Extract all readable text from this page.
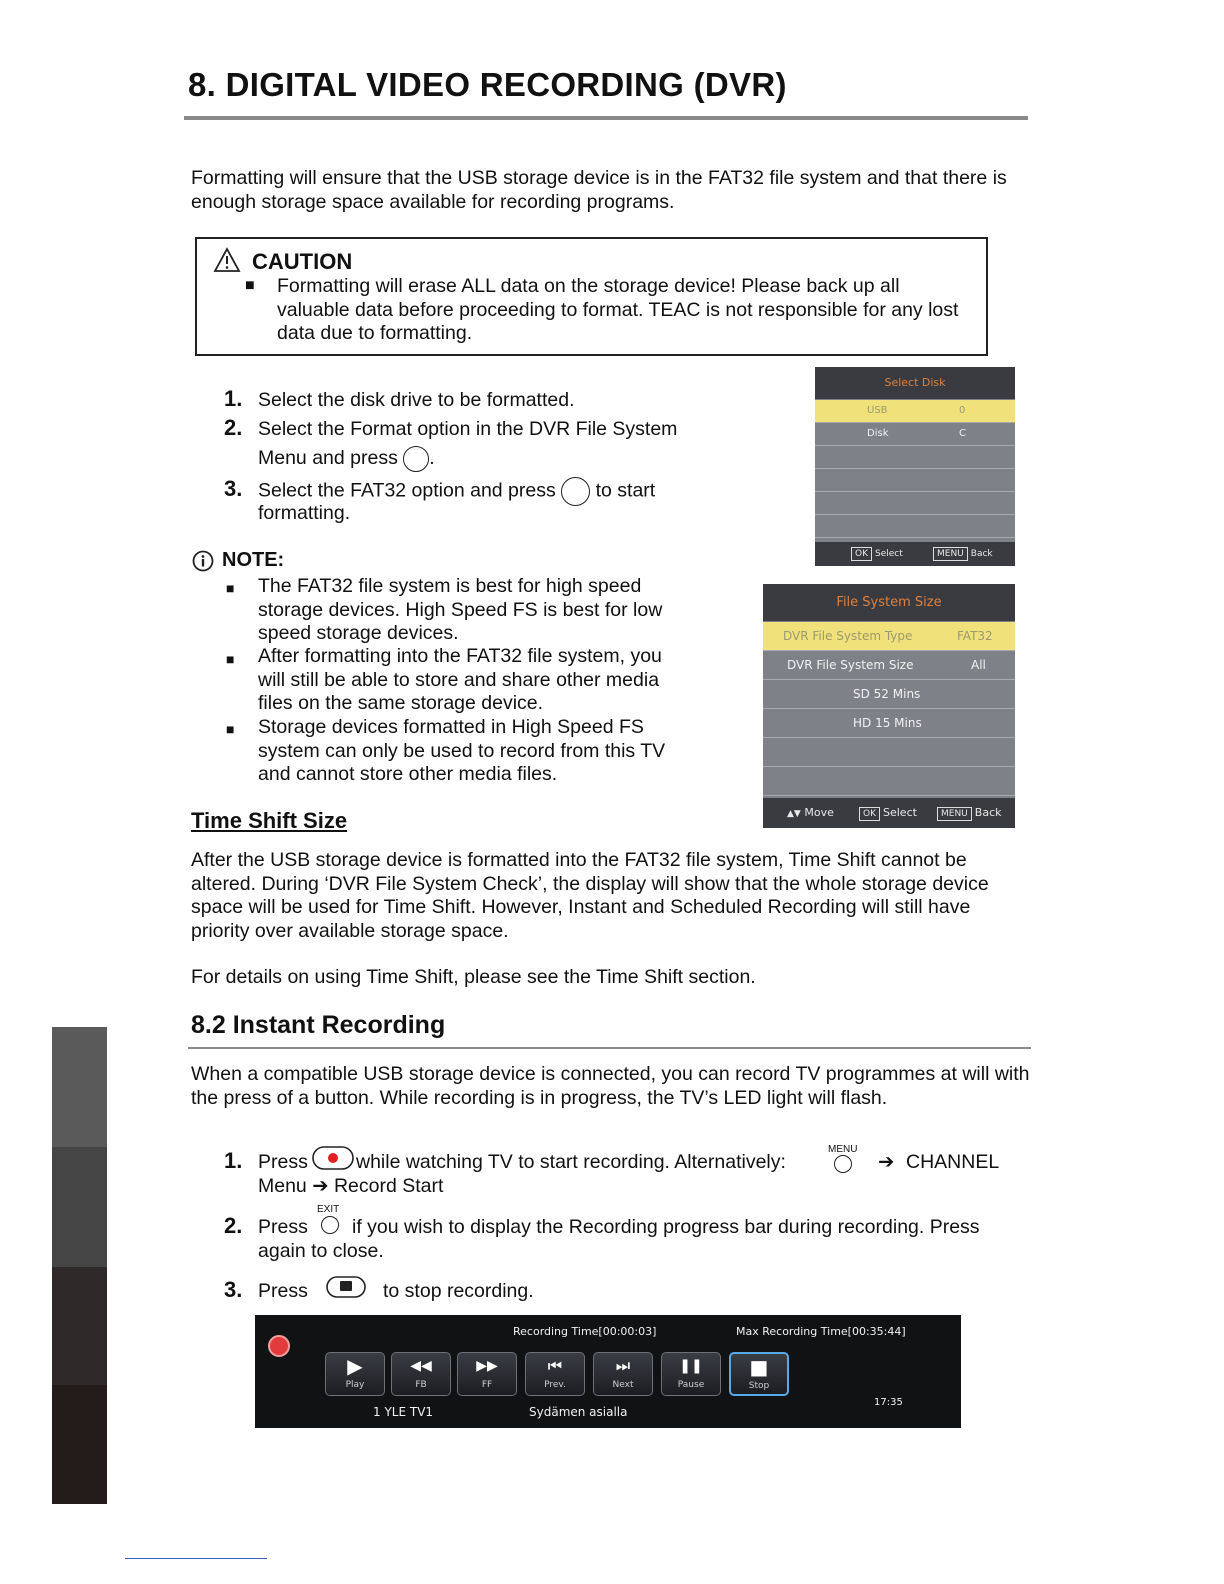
8. DIGITAL VIDEO RECORDING (DVR)

Formatting will ensure that the USB storage device is in the FAT32 file system and that there is enough storage space available for recording programs.

CAUTION
■ Formatting will erase ALL data on the storage device! Please back up all valuable data before proceeding to format. TEAC is not responsible for any lost data due to formatting.
1. Select the disk drive to be formatted.
2. Select the Format option in the DVR File System
Menu and press .
3. Select the FAT32 option and press to start
formatting.
Select Disk
USB	0
Disk	C
OK Select	MENU Back
NOTE:
■ The FAT32 file system is best for high speed storage devices. High Speed FS is best for low speed storage devices.
■ After formatting into the FAT32 file system, you will still be able to store and share other media files on the same storage device.
■ Storage devices formatted in High Speed FS system can only be used to record from this TV and cannot store other media files.
File System Size
DVR File System Type	FAT32
DVR File System Size	All
SD 52 Mins
HD 15 Mins
▲▼ Move	OK Select	MENU Back
Time Shift Size

After the USB storage device is formatted into the FAT32 file system, Time Shift cannot be altered. During ‘DVR File System Check’, the display will show that the whole storage device space will be used for Time Shift. However, Instant and Scheduled Recording will still have priority over available storage space.

For details on using Time Shift, please see the Time Shift section.

8.2 Instant Recording

When a compatible USB storage device is connected, you can record TV programmes at will with the press of a button. While recording is in progress, the TV’s LED light will flash.

1. Press while watching TV to start recording. Alternatively:
MENU
➔ CHANNEL
Menu ➔ Record Start
2. Press
EXIT
if you wish to display the Recording progress bar during recording. Press
again to close.
3. Press	to stop recording.
Recording Time[00:00:03]	Max Recording Time[00:35:44]
▶
Play
◀◀
FB
▶▶
FF
⏮
Prev.
⏭
Next
❚❚
Pause
■
Stop
1 YLE TV1	Sydämen asialla
17:35
